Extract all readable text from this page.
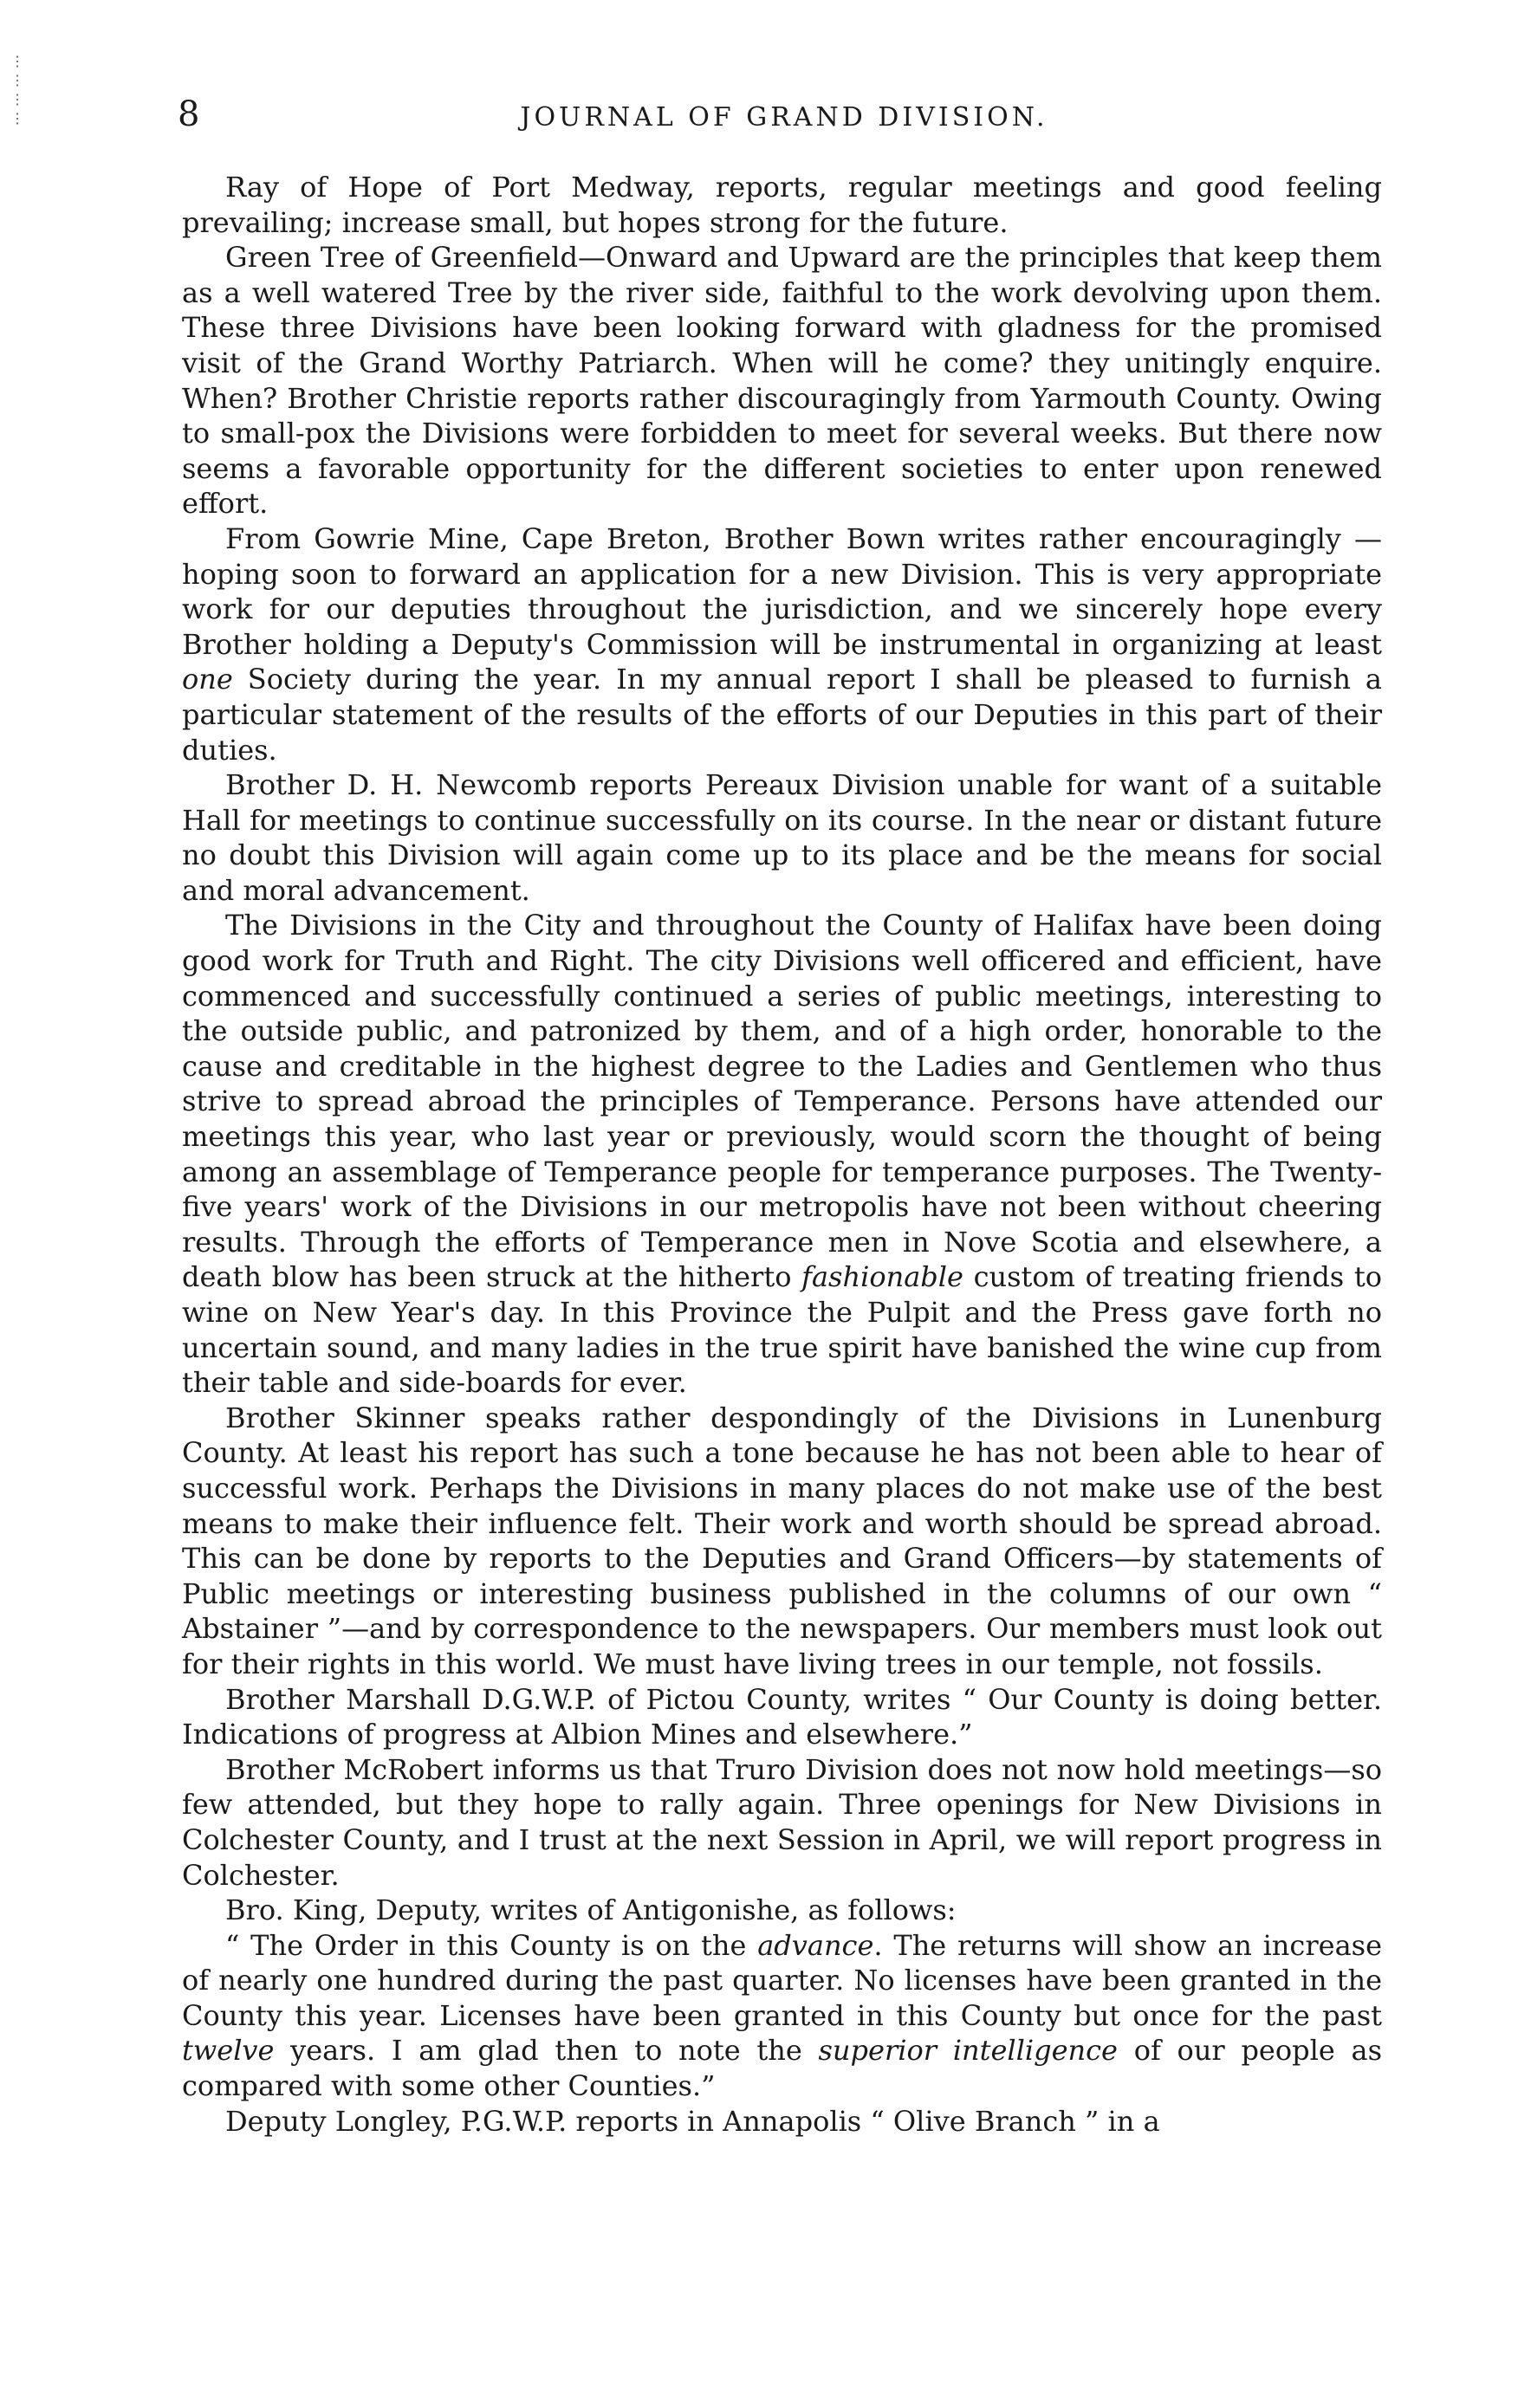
⋮
⋮
⋮
⋮	8	JOURNAL OF GRAND DIVISION.

Ray of Hope of Port Medway, reports, regular meetings and good feeling prevailing; increase small, but hopes strong for the future.

Green Tree of Greenfield—Onward and Upward are the principles that keep them as a well watered Tree by the river side, faithful to the work devolving upon them. These three Divisions have been looking forward with gladness for the promised visit of the Grand Worthy Patriarch. When will he come? they unitingly enquire. When? Brother Christie reports rather discouragingly from Yarmouth County. Owing to small-pox the Divisions were forbidden to meet for several weeks. But there now seems a favorable opportunity for the different societies to enter upon renewed effort.

From Gowrie Mine, Cape Breton, Brother Bown writes rather encouragingly —hoping soon to forward an application for a new Division. This is very appropriate work for our deputies throughout the jurisdiction, and we sincerely hope every Brother holding a Deputy's Commission will be instrumental in organizing at least one Society during the year. In my annual report I shall be pleased to furnish a particular statement of the results of the efforts of our Deputies in this part of their duties.

Brother D. H. Newcomb reports Pereaux Division unable for want of a suitable Hall for meetings to continue successfully on its course. In the near or distant future no doubt this Division will again come up to its place and be the means for social and moral advancement.

The Divisions in the City and throughout the County of Halifax have been doing good work for Truth and Right. The city Divisions well officered and efficient, have commenced and successfully continued a series of public meetings, interesting to the outside public, and patronized by them, and of a high order, honorable to the cause and creditable in the highest degree to the Ladies and Gentlemen who thus strive to spread abroad the principles of Temperance. Persons have attended our meetings this year, who last year or previously, would scorn the thought of being among an assemblage of Temperance people for temperance purposes. The Twenty-five years' work of the Divisions in our metropolis have not been without cheering results. Through the efforts of Temperance men in Nove Scotia and elsewhere, a death blow has been struck at the hitherto fashionable custom of treating friends to wine on New Year's day. In this Province the Pulpit and the Press gave forth no uncertain sound, and many ladies in the true spirit have banished the wine cup from their table and side-boards for ever.

Brother Skinner speaks rather despondingly of the Divisions in Lunenburg County. At least his report has such a tone because he has not been able to hear of successful work. Perhaps the Divisions in many places do not make use of the best means to make their influence felt. Their work and worth should be spread abroad. This can be done by reports to the Deputies and Grand Officers—by statements of Public meetings or interesting business published in the columns of our own “ Abstainer ”—and by correspondence to the newspapers. Our members must look out for their rights in this world. We must have living trees in our temple, not fossils.

Brother Marshall D.G.W.P. of Pictou County, writes “ Our County is doing better. Indications of progress at Albion Mines and elsewhere.”

Brother McRobert informs us that Truro Division does not now hold meetings—so few attended, but they hope to rally again. Three openings for New Divisions in Colchester County, and I trust at the next Session in April, we will report progress in Colchester.

Bro. King, Deputy, writes of Antigonishe, as follows:

“ The Order in this County is on the advance. The returns will show an increase of nearly one hundred during the past quarter. No licenses have been granted in the County this year. Licenses have been granted in this County but once for the past twelve years. I am glad then to note the superior intelligence of our people as compared with some other Counties.”

Deputy Longley, P.G.W.P. reports in Annapolis “ Olive Branch ” in a
